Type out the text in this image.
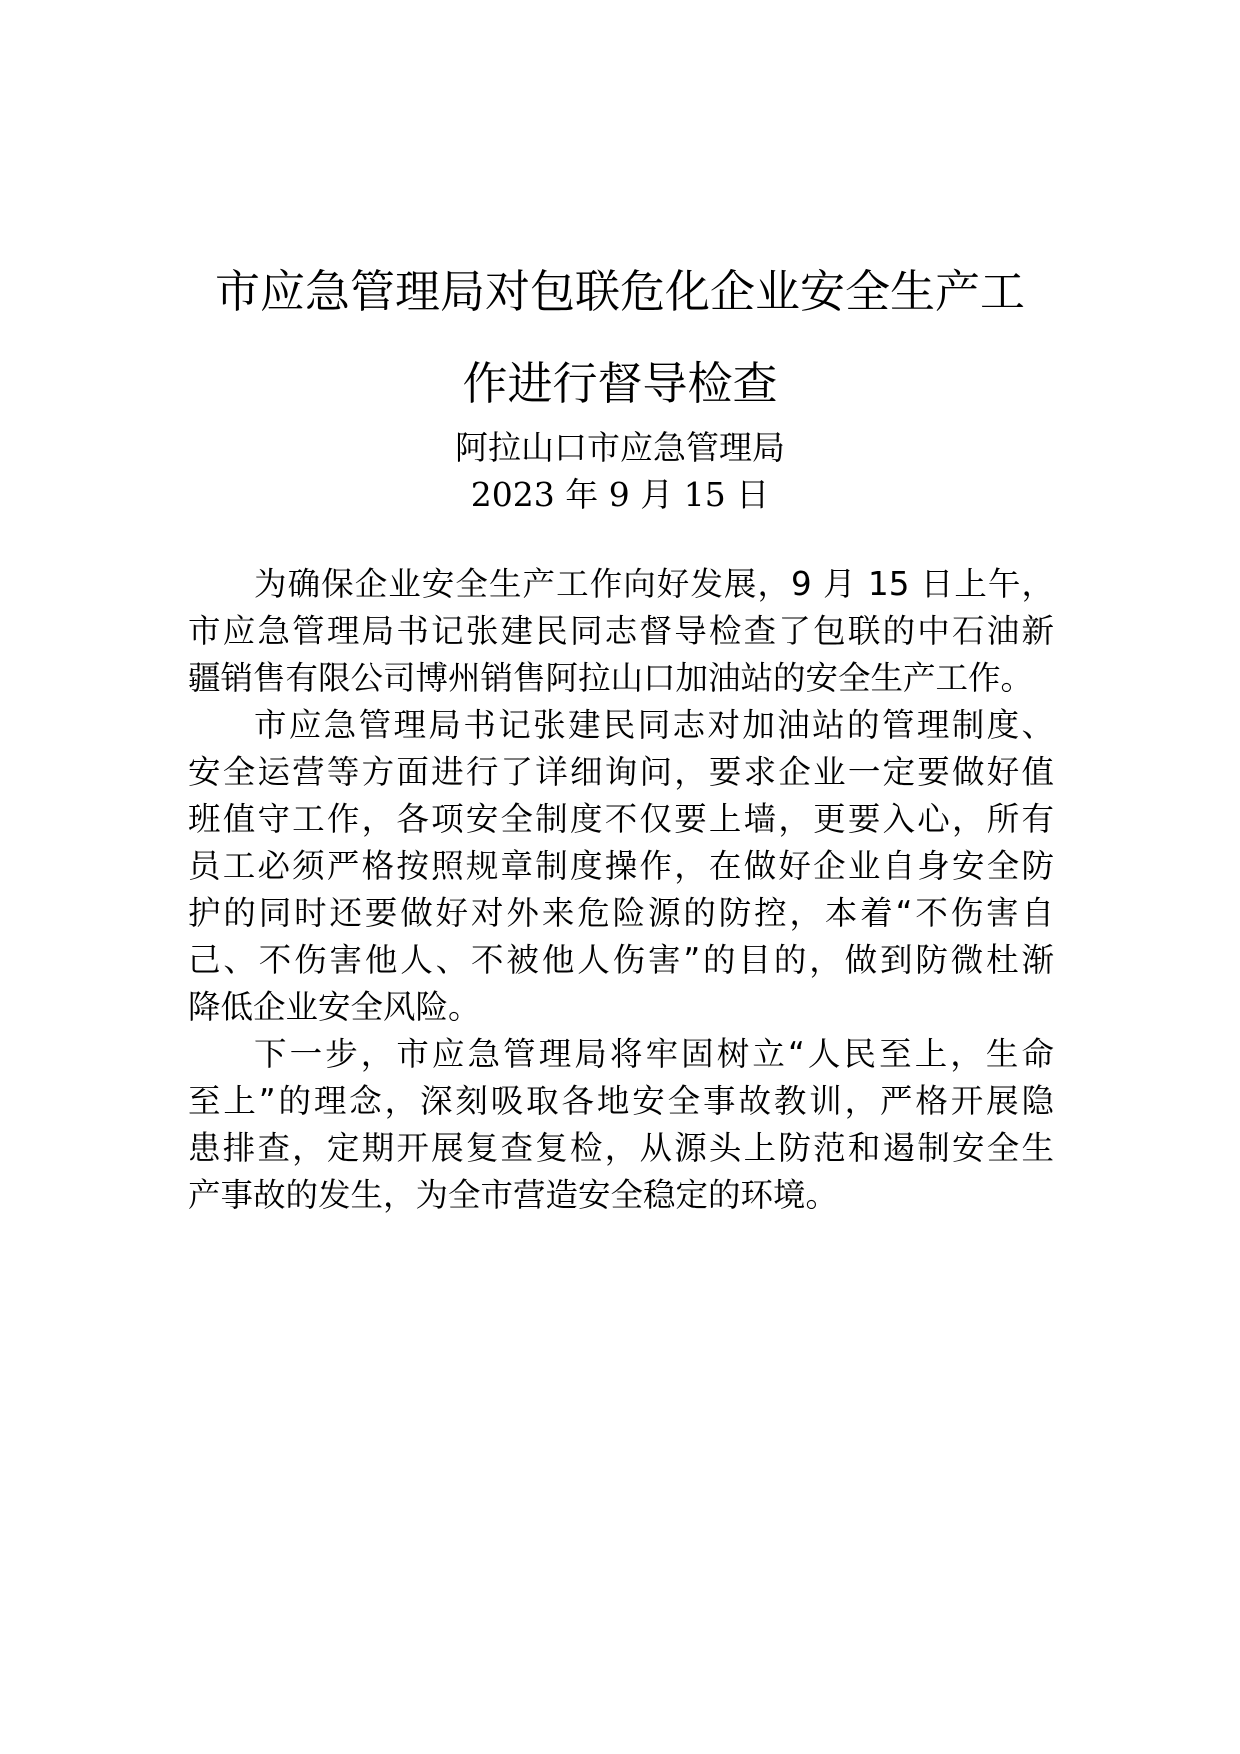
市应急管理局对包联危化企业安全生产工
作进行督导检查
阿拉山口市应急管理局
2023 年 9 月 15 日
为确保企业安全生产工作向好发展，9 月 15 日上午，
市应急管理局书记张建民同志督导检查了包联的中石油新
疆销售有限公司博州销售阿拉山口加油站的安全生产工作。
市应急管理局书记张建民同志对加油站的管理制度、
安全运营等方面进行了详细询问，要求企业一定要做好值
班值守工作，各项安全制度不仅要上墙，更要入心，所有
员工必须严格按照规章制度操作，在做好企业自身安全防
护的同时还要做好对外来危险源的防控，本着“不伤害自
己、不伤害他人、不被他人伤害”的目的，做到防微杜渐
降低企业安全风险。
下一步，市应急管理局将牢固树立“人民至上，生命
至上”的理念，深刻吸取各地安全事故教训，严格开展隐
患排查，定期开展复查复检，从源头上防范和遏制安全生
产事故的发生，为全市营造安全稳定的环境。
